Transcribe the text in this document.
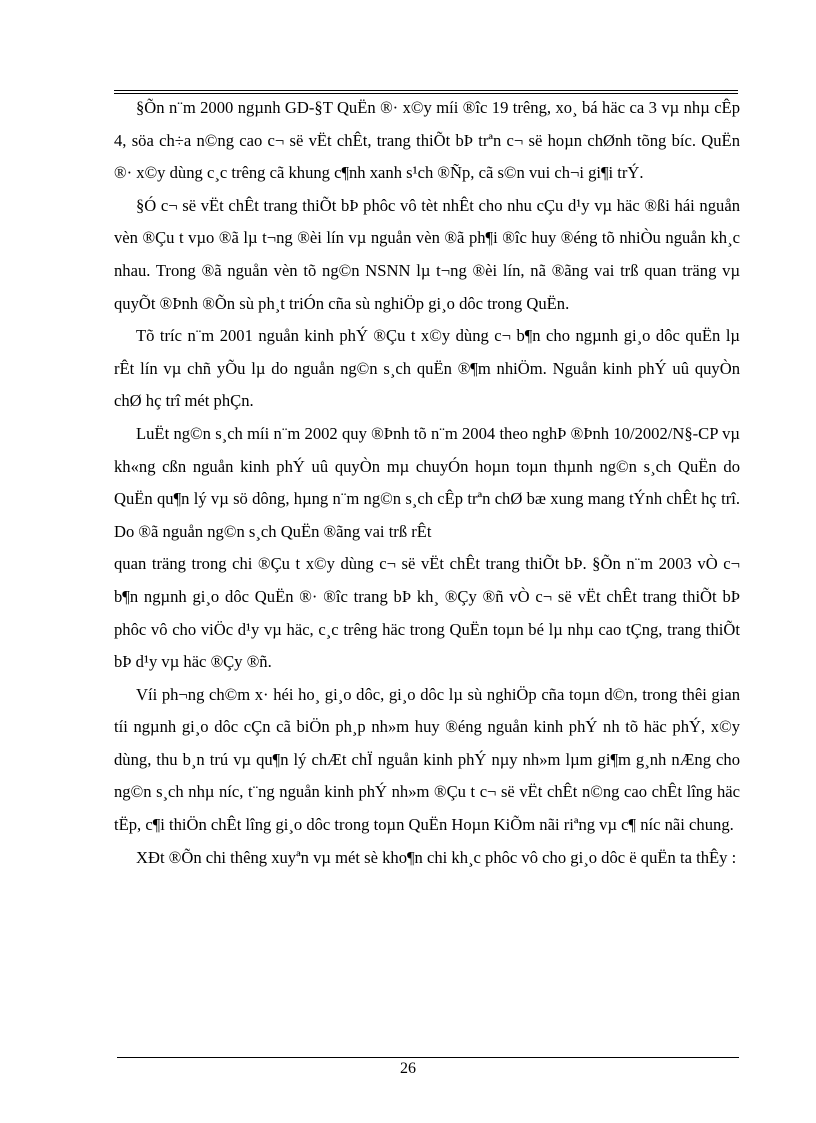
§Õn n¨m 2000 ngµnh GD-§T QuËn ®· x©y míi ®îc 19 trêng, xo¸ bá häc ca 3 vµ nhµ cÊp 4, söa ch÷a n©ng cao c¬ së vËt chÊt, trang thiÕt bÞ trªn c¬ së hoµn chØnh tõng bíc. QuËn ®· x©y dùng c¸c trêng cã khung c¶nh xanh s¹ch ®Ñp, cã s©n vui ch¬i gi¶i trÝ.

§Ó c¬ së vËt chÊt trang thiÕt bÞ phôc vô tèt nhÊt cho nhu cÇu d¹y vµ häc ®ßi hái nguån vèn ®Çu t vµo ®ã lµ t¬ng ®èi lín vµ nguån vèn ®ã ph¶i ®îc huy ®éng tõ nhiÒu nguån kh¸c nhau. Trong ®ã nguån vèn tõ ng©n NSNN lµ t¬ng ®èi lín, nã ®ãng vai trß quan träng vµ quyÕt ®Þnh ®Õn sù ph¸t triÓn cña sù nghiÖp gi¸o dôc trong QuËn.

Tõ tríc n¨m 2001 nguån kinh phÝ ®Çu t x©y dùng c¬ b¶n cho ngµnh gi¸o dôc quËn lµ rÊt lín vµ chñ yÕu lµ do nguån ng©n s¸ch quËn ®¶m nhiÖm. Nguån kinh phÝ uû quyÒn chØ hç trî mét phÇn.

LuËt ng©n s¸ch míi n¨m 2002 quy ®Þnh tõ n¨m 2004 theo nghÞ ®Þnh 10/2002/N§-CP vµ kh«ng cßn nguån kinh phÝ uû quyÒn mµ chuyÓn hoµn toµn thµnh ng©n s¸ch QuËn do QuËn qu¶n lý vµ sö dông, hµng n¨m ng©n s¸ch cÊp trªn chØ bæ xung mang tÝnh chÊt hç trî. Do ®ã nguån ng©n s¸ch QuËn ®ãng vai trß rÊt

quan träng trong chi ®Çu t x©y dùng c¬ së vËt chÊt trang thiÕt bÞ. §Õn n¨m 2003 vÒ c¬ b¶n ngµnh gi¸o dôc QuËn ®· ®îc trang bÞ kh¸ ®Çy ®ñ vÒ c¬ së vËt chÊt trang thiÕt bÞ phôc vô cho viÖc d¹y vµ häc, c¸c trêng häc trong QuËn toµn bé lµ nhµ cao tÇng, trang thiÕt bÞ d¹y vµ häc ®Çy ®ñ.

Víi ph¬ng ch©m x· héi ho¸ gi¸o dôc, gi¸o dôc lµ sù nghiÖp cña toµn d©n, trong thêi gian tíi ngµnh gi¸o dôc cÇn cã biÖn ph¸p nh»m huy ®éng nguån kinh phÝ nh tõ häc phÝ, x©y dùng, thu b¸n trú vµ qu¶n lý chÆt chÏ nguån kinh phÝ nµy nh»m lµm gi¶m g¸nh nÆng cho ng©n s¸ch nhµ níc, t¨ng nguån kinh phÝ nh»m ®Çu t c¬ së vËt chÊt n©ng cao chÊt lîng häc tËp, c¶i thiÖn chÊt lîng gi¸o dôc trong toµn QuËn Hoµn KiÕm nãi riªng vµ c¶ níc nãi chung.

XÐt ®Õn chi thêng xuyªn vµ mét sè kho¶n chi kh¸c phôc vô cho gi¸o dôc ë quËn ta thÊy :

26
